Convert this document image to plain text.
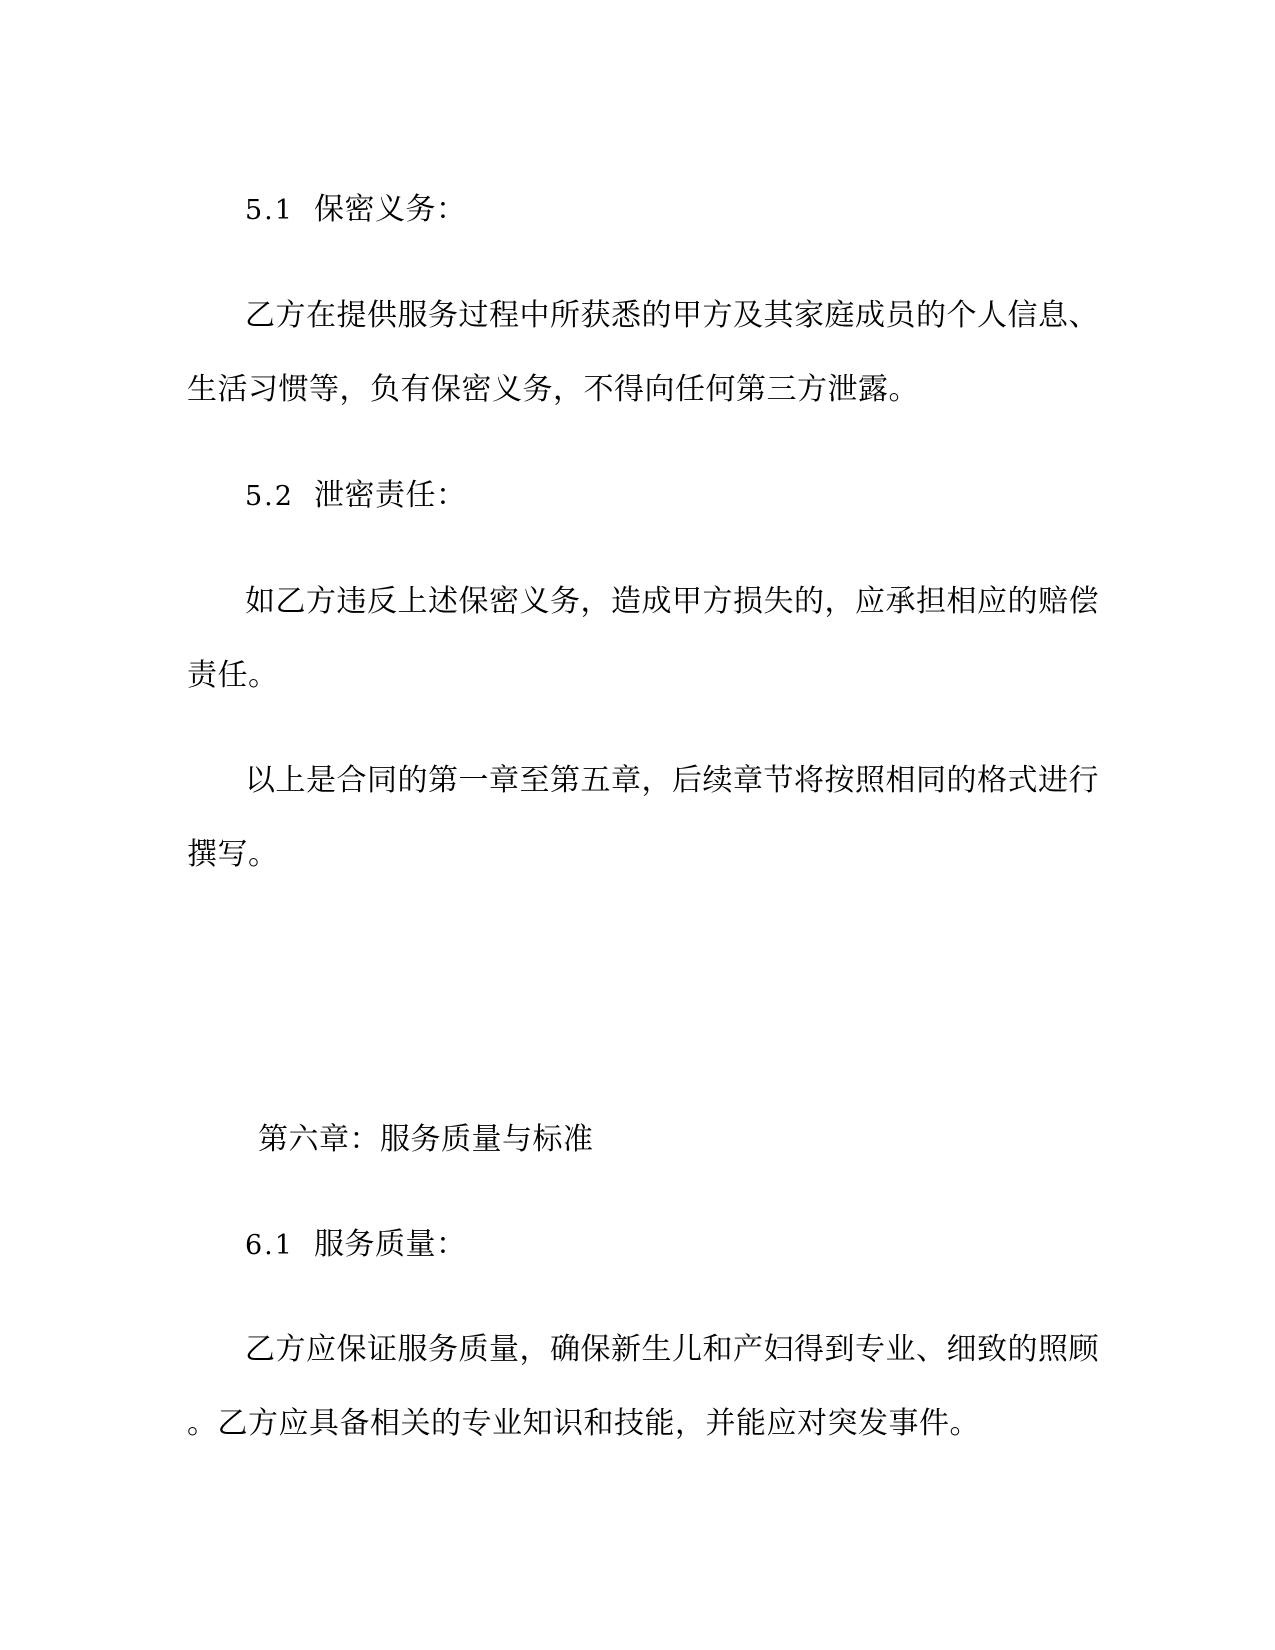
5.1 保密义务：
乙方在提供服务过程中所获悉的甲方及其家庭成员的个人信息、
生活习惯等，负有保密义务，不得向任何第三方泄露。
5.2 泄密责任：
如乙方违反上述保密义务，造成甲方损失的，应承担相应的赔偿
责任。
以上是合同的第一章至第五章，后续章节将按照相同的格式进行
撰写。
第六章：服务质量与标准
6.1 服务质量：
乙方应保证服务质量，确保新生儿和产妇得到专业、细致的照顾
。乙方应具备相关的专业知识和技能，并能应对突发事件。
